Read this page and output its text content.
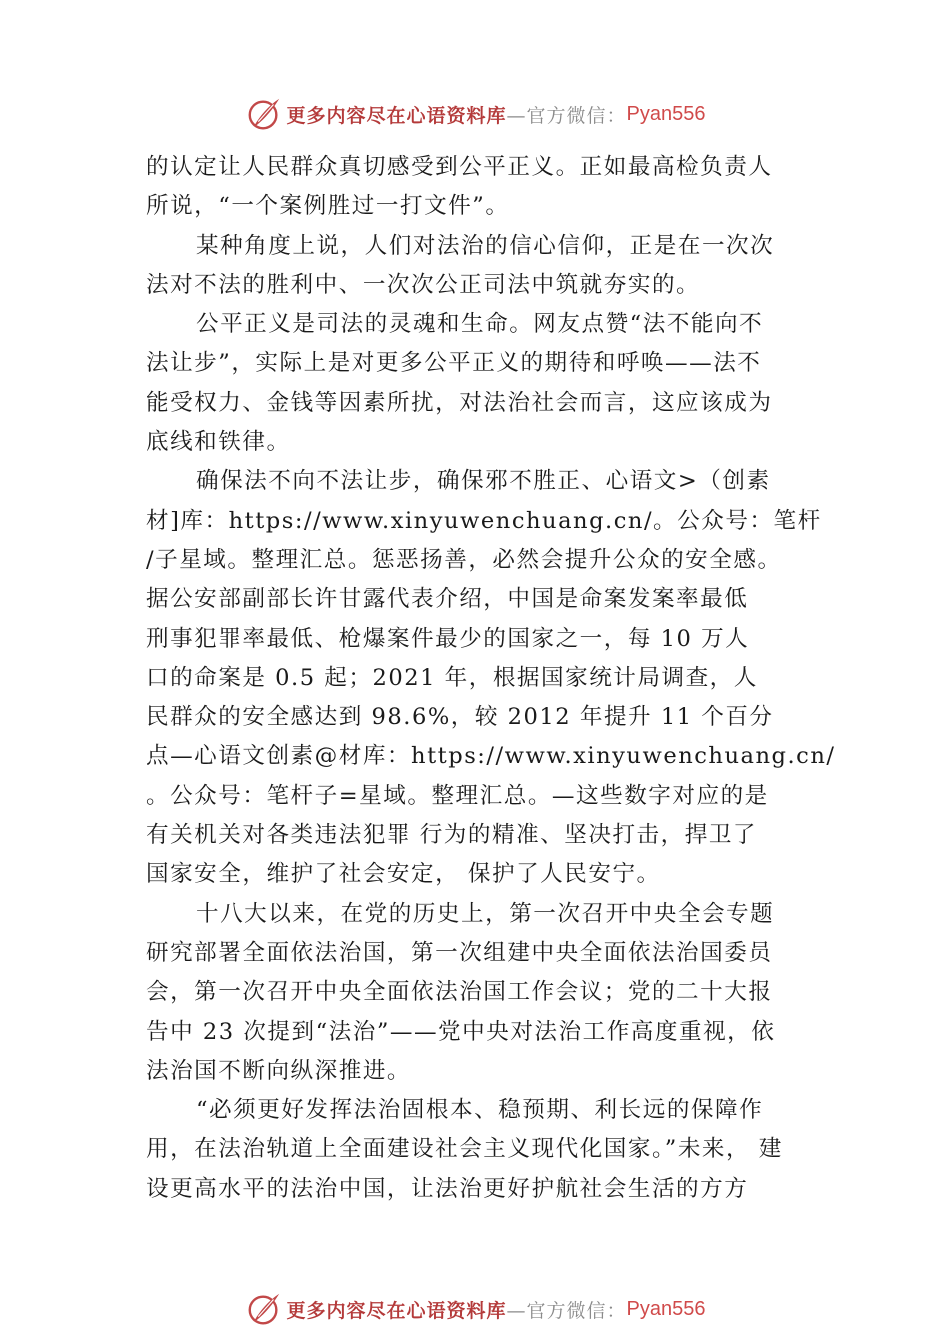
更多内容尽在心语资料库 —官方微信： Pyan556
的认定让人民群众真切感受到公平正义。正如最高检负责人
所说，“一个案例胜过一打文件”。
某种角度上说，人们对法治的信心信仰，正是在一次次
法对不法的胜利中、一次次公正司法中筑就夯实的。
公平正义是司法的灵魂和生命。网友点赞“法不能向不
法让步”，实际上是对更多公平正义的期待和呼唤——法不
能受权力、金钱等因素所扰，对法治社会而言，这应该成为
底线和铁律。
确保法不向不法让步，确保邪不胜正、心语文>（创素
材]库：https://www.xinyuwenchuang.cn/。公众号：笔杆
/子星域。整理汇总。惩恶扬善，必然会提升公众的安全感。
据公安部副部长许甘露代表介绍，中国是命案发案率最低
刑事犯罪率最低、枪爆案件最少的国家之一，每 10 万人
口的命案是 0.5 起；2021 年，根据国家统计局调查，人
民群众的安全感达到 98.6%，较 2012 年提升 11 个百分
点—心语文创素@材库：https://www.xinyuwenchuang.cn/
。公众号：笔杆子=星域。整理汇总。—这些数字对应的是
有关机关对各类违法犯罪 行为的精准、坚决打击，捍卫了
国家安全，维护了社会安定， 保护了人民安宁。
十八大以来，在党的历史上，第一次召开中央全会专题
研究部署全面依法治国，第一次组建中央全面依法治国委员
会，第一次召开中央全面依法治国工作会议；党的二十大报
告中 23 次提到“法治”——党中央对法治工作高度重视，依
法治国不断向纵深推进。
“必须更好发挥法治固根本、稳预期、利长远的保障作
用，在法治轨道上全面建设社会主义现代化国家。”未来， 建
设更高水平的法治中国，让法治更好护航社会生活的方方
更多内容尽在心语资料库 —官方微信： Pyan556
